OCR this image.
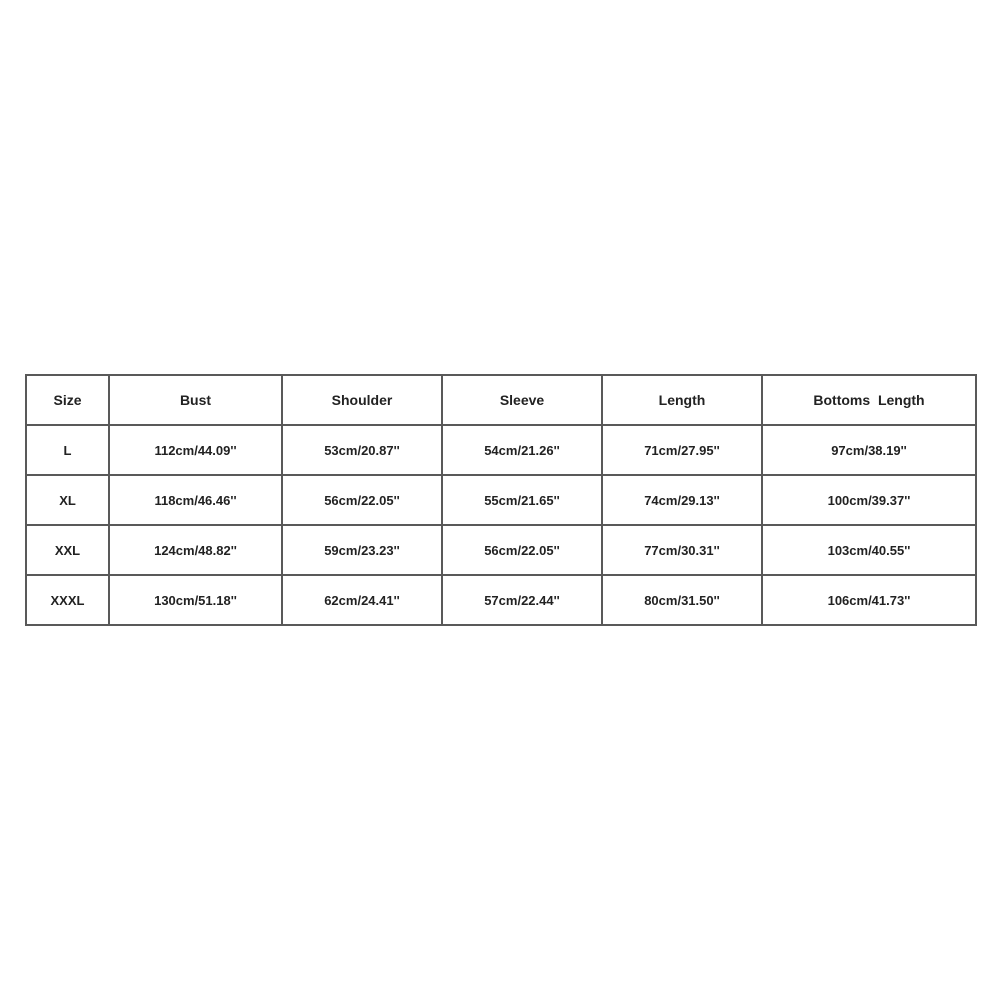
Size	Bust	Shoulder	Sleeve	Length	Bottoms  Length
L	112cm/44.09''	53cm/20.87''	54cm/21.26''	71cm/27.95''	97cm/38.19''
XL	118cm/46.46''	56cm/22.05''	55cm/21.65''	74cm/29.13''	100cm/39.37''
XXL	124cm/48.82''	59cm/23.23''	56cm/22.05''	77cm/30.31''	103cm/40.55''
XXXL	130cm/51.18''	62cm/24.41''	57cm/22.44''	80cm/31.50''	106cm/41.73''
